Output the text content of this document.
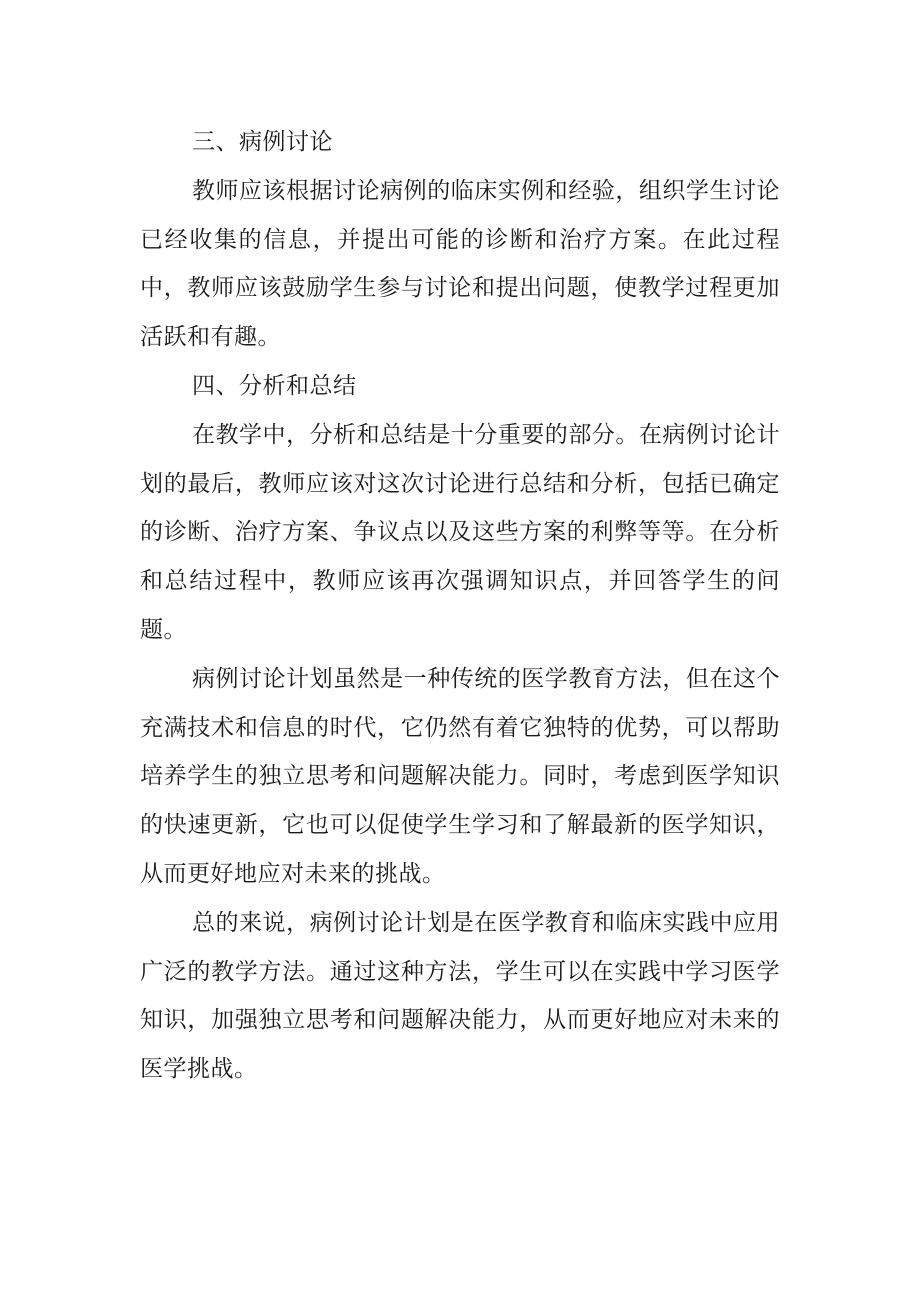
三、病例讨论

教师应该根据讨论病例的临床实例和经验，组织学生讨论已经收集的信息，并提出可能的诊断和治疗方案。在此过程中，教师应该鼓励学生参与讨论和提出问题，使教学过程更加活跃和有趣。

四、分析和总结

在教学中，分析和总结是十分重要的部分。在病例讨论计划的最后，教师应该对这次讨论进行总结和分析，包括已确定的诊断、治疗方案、争议点以及这些方案的利弊等等。在分析和总结过程中，教师应该再次强调知识点，并回答学生的问题。

病例讨论计划虽然是一种传统的医学教育方法，但在这个充满技术和信息的时代，它仍然有着它独特的优势，可以帮助培养学生的独立思考和问题解决能力。同时，考虑到医学知识的快速更新，它也可以促使学生学习和了解最新的医学知识，从而更好地应对未来的挑战。

总的来说，病例讨论计划是在医学教育和临床实践中应用广泛的教学方法。通过这种方法，学生可以在实践中学习医学知识，加强独立思考和问题解决能力，从而更好地应对未来的医学挑战。
